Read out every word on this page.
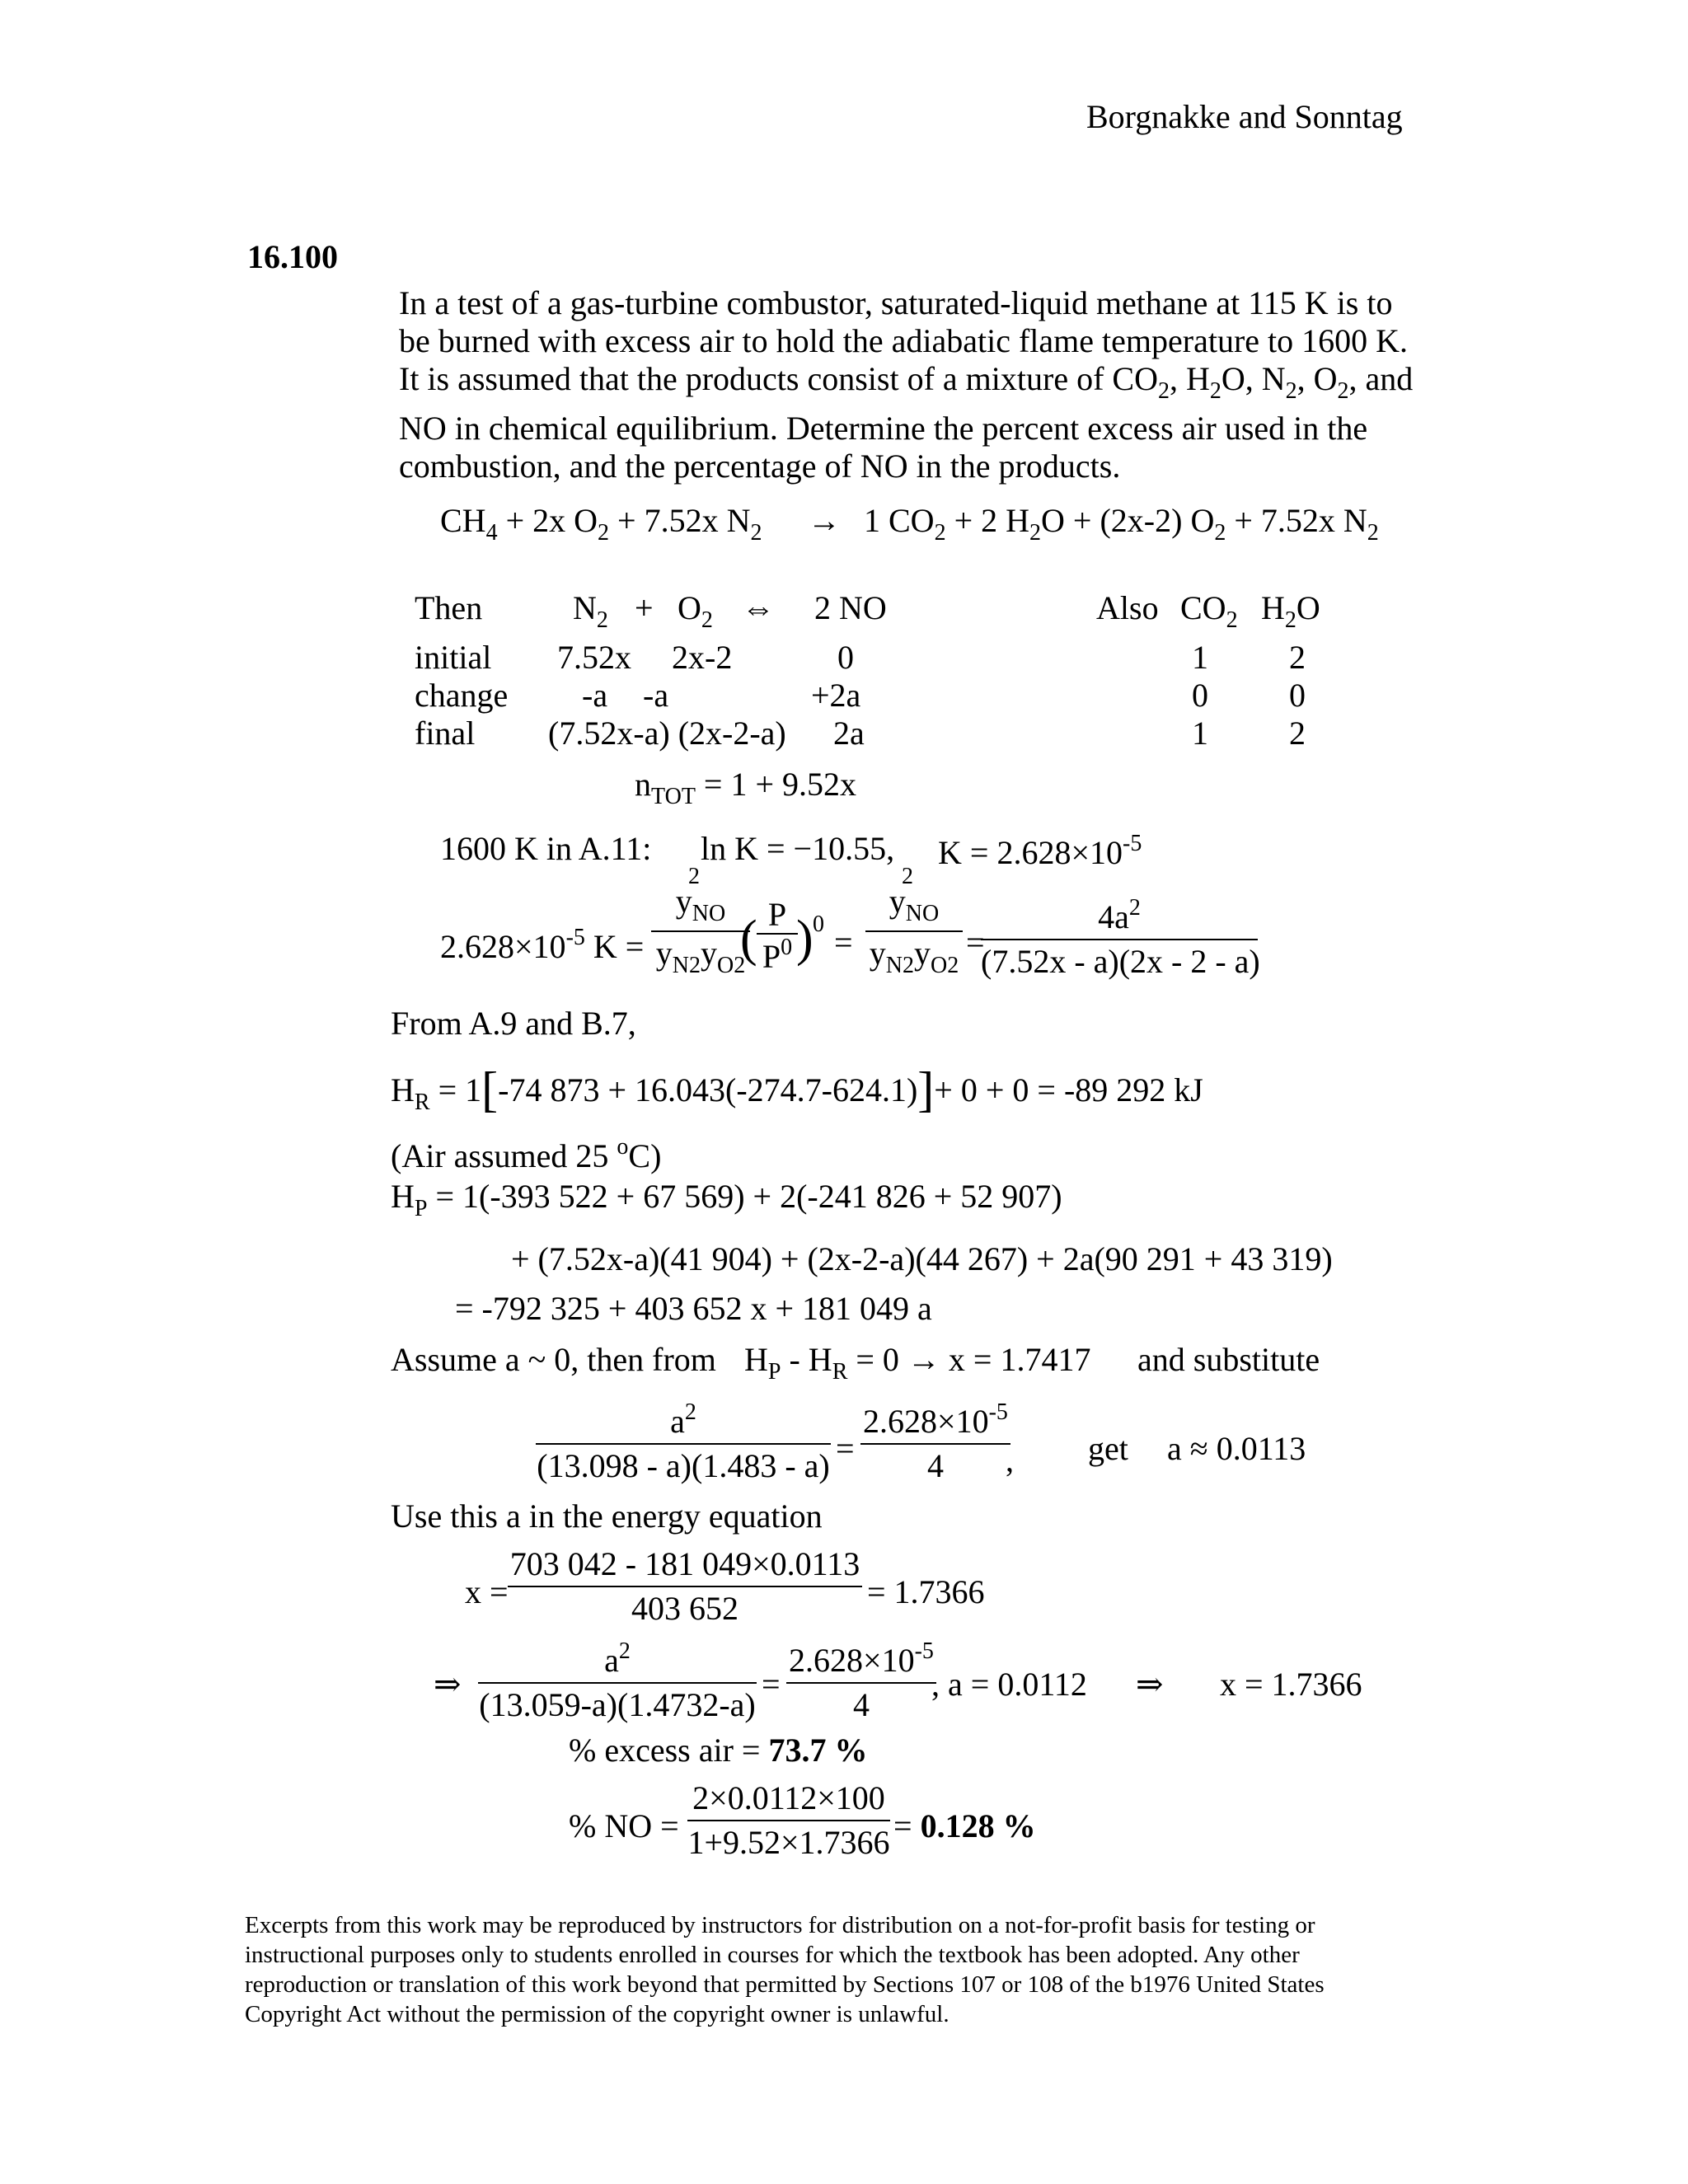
Borgnakke and Sonntag
16.100
In a test of a gas-turbine combustor, saturated-liquid methane at 115 K is to
be burned with excess air to hold the adiabatic flame temperature to 1600 K.
It is assumed that the products consist of a mixture of $CO_2$, $H_2O$, $N_2$, $O_2$, and
NO in chemical equilibrium. Determine the percent excess air used in the
combustion, and the percentage of NO in the products.
$CH_4 + 2x$ $O_2 + 7.52x$ $N_2 \to 1$ $CO_2 + 2$ $H_2O + (2x-2) O_2 + 7.52x$ $N_2$
Then	$N_2 + O_2$ ⇔ 2 NO	Also $CO_2$ $H_2O$
initial 7.52x 2x-2	0	1 2
change -a -a	+2a	0 0
final (7.52x-a) (2x-2-a) 2a	1 2
$n_{TOT} = 1 + 9.52x$
1600 K in A.11: ln K = −10.55, $K = 2.628\times 10^{-5}$
$2.628\times 10^{-5}$ K =
2
$y_{NO}$
$y_{N2}y_{O2}$
( P
$P^0$ ) 0 =
2
$y_{NO}$
$y_{N2}y_{O2}$
=
$4a^2$
(7.52x - a)(2x - 2 - a)
From A.9 and B.7,
$H_R = 1[-74$ 873 + 16.043(-274.7-624.1)]+ 0 + 0 = -89 292 kJ
(Air assumed 25 $^o$C)
$H_P = 1(-393$ 522 + 67 569) + 2(-241 826 + 52 907)
+ (7.52x-a)(41 904) + (2x-2-a)(44 267) + 2a(90 291 + 43 319)
= -792 325 + 403 652 x + 181 049 a
Assume a ~ 0, then from $H_P - H_R = 0 \to x = 1.7417$ and substitute
$a^2$
(13.098 - a)(1.483 - a) =
$2.628\times 10^{-5}$
4	, get a ≈ 0.0113
Use this a in the energy equation
x =
703 042 - 181 049×0.0113
403 652	= 1.7366
⇒
$a^2$
(13.059-a)(1.4732-a)
=
$2.628\times 10^{-5}$
4
, a = 0.0112 ⇒ x = 1.7366
% excess air = 73.7 %
% NO =
2×0.0112×100
1+9.52×1.7366 = 0.128 %
Excerpts from this work may be reproduced by instructors for distribution on a not-for-profit basis for testing or instructional purposes only to students enrolled in courses for which the textbook has been adopted. Any other reproduction or translation of this work beyond that permitted by Sections 107 or 108 of the b1976 United States Copyright Act without the permission of the copyright owner is unlawful.
